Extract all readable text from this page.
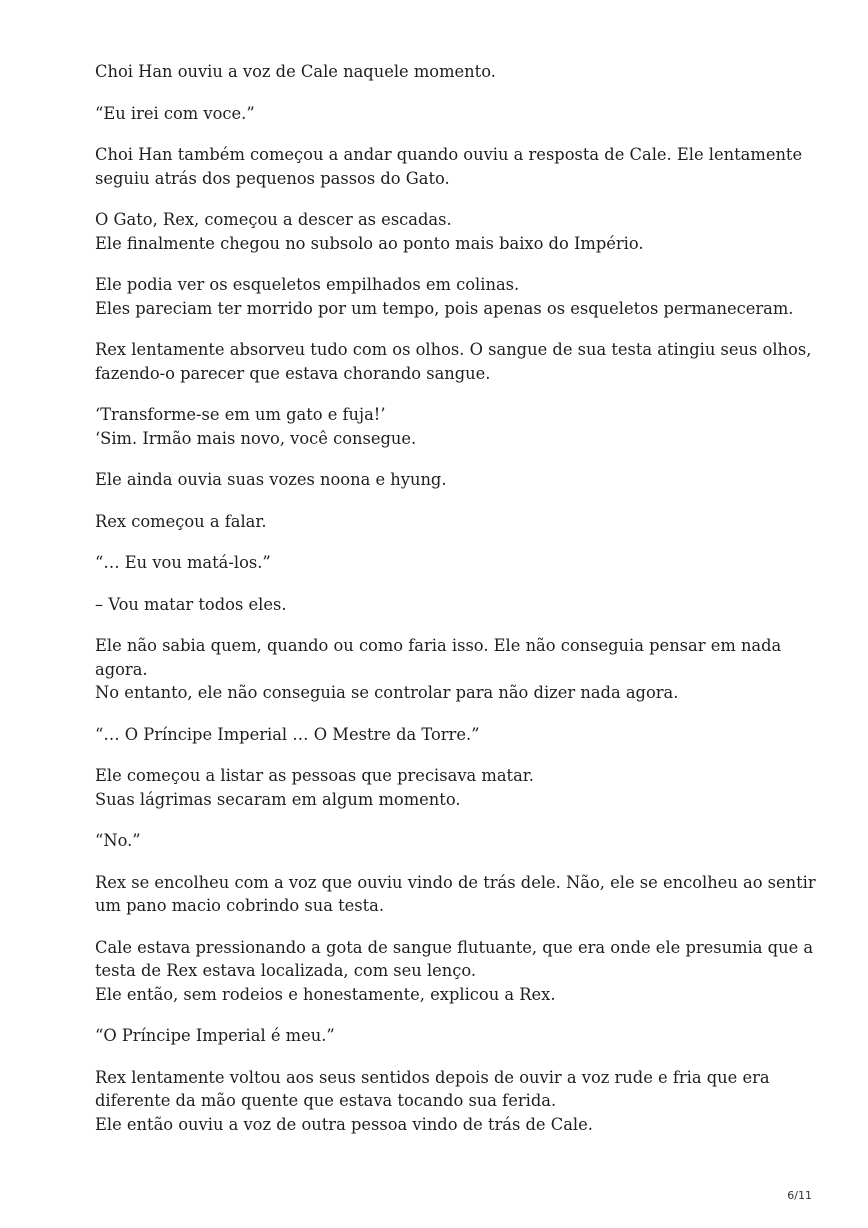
Choi Han ouviu a voz de Cale naquele momento.

“Eu irei com voce.”

Choi Han também começou a andar quando ouviu a resposta de Cale. Ele lentamente
seguiu atrás dos pequenos passos do Gato.

O Gato, Rex, começou a descer as escadas.
Ele finalmente chegou no subsolo ao ponto mais baixo do Império.

Ele podia ver os esqueletos empilhados em colinas.
Eles pareciam ter morrido por um tempo, pois apenas os esqueletos permaneceram.

Rex lentamente absorveu tudo com os olhos. O sangue de sua testa atingiu seus olhos,
fazendo-o parecer que estava chorando sangue.

‘Transforme-se em um gato e fuja!’
‘Sim. Irmão mais novo, você consegue.

Ele ainda ouvia suas vozes noona e hyung.

Rex começou a falar.

“… Eu vou matá-los.”

– Vou matar todos eles.

Ele não sabia quem, quando ou como faria isso. Ele não conseguia pensar em nada
agora.
No entanto, ele não conseguia se controlar para não dizer nada agora.

“… O Príncipe Imperial … O Mestre da Torre.”

Ele começou a listar as pessoas que precisava matar.
Suas lágrimas secaram em algum momento.

“No.”

Rex se encolheu com a voz que ouviu vindo de trás dele. Não, ele se encolheu ao sentir
um pano macio cobrindo sua testa.

Cale estava pressionando a gota de sangue flutuante, que era onde ele presumia que a
testa de Rex estava localizada, com seu lenço.
Ele então, sem rodeios e honestamente, explicou a Rex.

“O Príncipe Imperial é meu.”

Rex lentamente voltou aos seus sentidos depois de ouvir a voz rude e fria que era
diferente da mão quente que estava tocando sua ferida.
Ele então ouviu a voz de outra pessoa vindo de trás de Cale.

6/11
